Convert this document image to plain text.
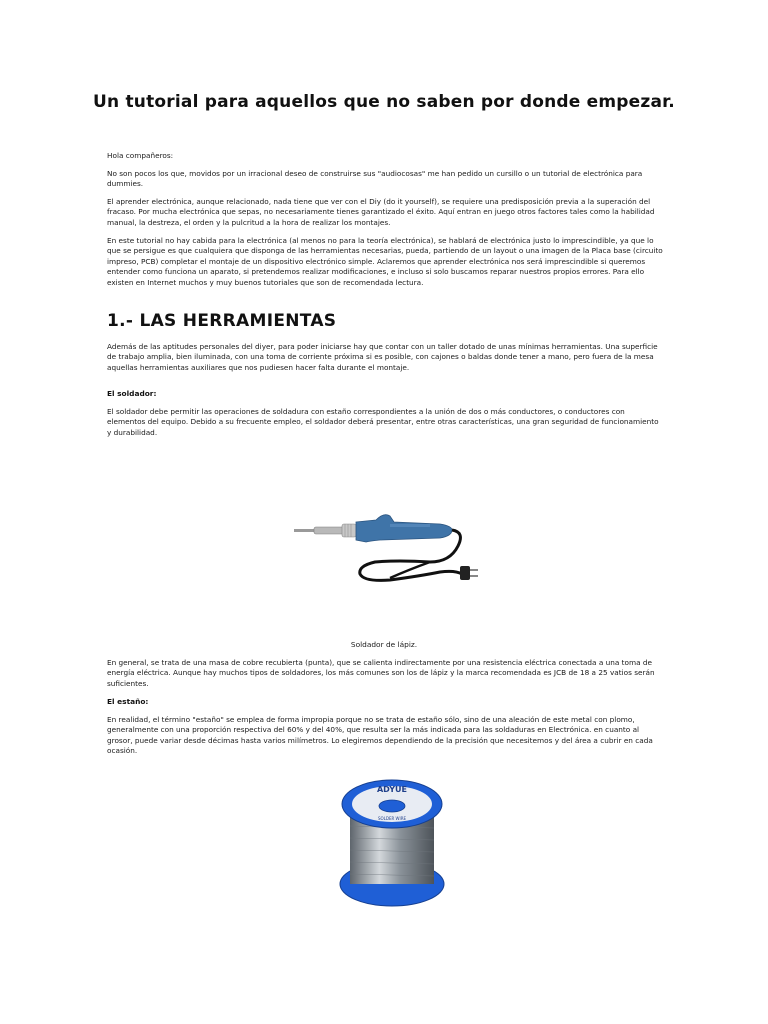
Un tutorial para aquellos que no saben por donde empezar.

Hola compañeros:

No son pocos los que, movidos por un irracional deseo de construirse sus "audiocosas" me han pedido un cursillo o un tutorial de electrónica para dummies.

El aprender electrónica, aunque relacionado, nada tiene que ver con el Diy (do it yourself), se requiere una predisposición previa a la superación del fracaso. Por mucha electrónica que sepas, no necesariamente tienes garantizado el éxito. Aquí entran en juego otros factores tales como la habilidad manual, la destreza, el orden y la pulcritud a la hora de realizar los montajes.

En este tutorial no hay cabida para la electrónica (al menos no para la teoría electrónica), se hablará de electrónica justo lo imprescindible, ya que lo que se persigue es que cualquiera que disponga de las herramientas necesarias, pueda, partiendo de un layout o una imagen de la Placa base (circuito impreso, PCB) completar el montaje de un dispositivo electrónico simple. Aclaremos que aprender electrónica nos será imprescindible si queremos entender como funciona un aparato, si pretendemos realizar modificaciones, e incluso si solo buscamos reparar nuestros propios errores. Para ello existen en Internet muchos y muy buenos tutoriales que son de recomendada lectura.

1.- LAS HERRAMIENTAS

Además de las aptitudes personales del diyer, para poder iniciarse hay que contar con un taller dotado de unas mínimas herramientas. Una superficie de trabajo amplia, bien iluminada, con una toma de corriente próxima si es posible, con cajones o baldas donde tener a mano, pero fuera de la mesa aquellas herramientas auxiliares que nos pudiesen hacer falta durante el montaje.

El soldador:

El soldador debe permitir las operaciones de soldadura con estaño correspondientes a la unión de dos o más conductores, o conductores con elementos del equipo. Debido a su frecuente empleo, el soldador deberá presentar, entre otras características, una gran seguridad de funcionamiento y durabilidad.

Soldador de lápiz.

En general, se trata de una masa de cobre recubierta (punta), que se calienta indirectamente por una resistencia eléctrica conectada a una toma de energía eléctrica. Aunque hay muchos tipos de soldadores, los más comunes son los de lápiz y la marca recomendada es JCB de 18 a 25 vatios serán suficientes.

El estaño:

En realidad, el término "estaño" se emplea de forma impropia porque no se trata de estaño sólo, sino de una aleación de este metal con plomo, generalmente con una proporción respectiva del 60% y del 40%, que resulta ser la más indicada para las soldaduras en Electrónica. en cuanto al grosor, puede variar desde décimas hasta varios milímetros. Lo elegiremos dependiendo de la precisión que necesitemos y del área a cubrir en cada ocasión.

ADYUE
SOLDER WIRE
